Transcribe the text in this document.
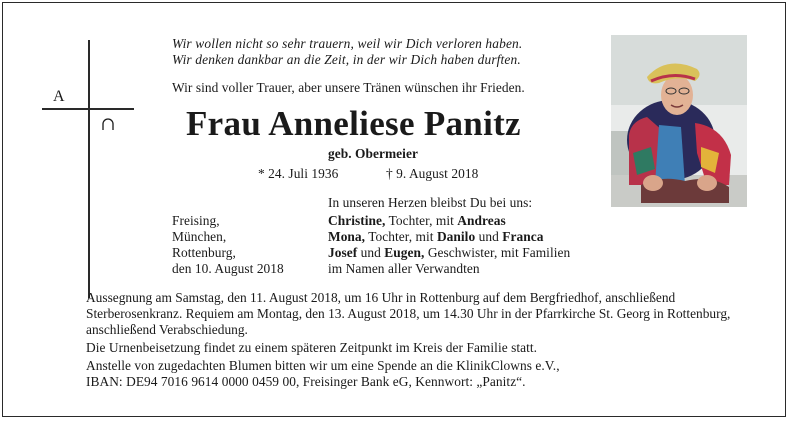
A
Wir wollen nicht so sehr trauern, weil wir Dich verloren haben.
Wir denken dankbar an die Zeit, in der wir Dich haben durften.
Wir sind voller Trauer, aber unsere Tränen wünschen ihr Frieden.
Frau Anneliese Panitz
geb. Obermeier
* 24. Juli 1936	† 9. August 2018
In unseren Herzen bleibst Du bei uns:
Freising,
München,
Rottenburg,
den 10. August 2018
Christine, Tochter, mit Andreas
Mona, Tochter, mit Danilo und Franca
Josef und Eugen, Geschwister, mit Familien
im Namen aller Verwandten
Aussegnung am Samstag, den 11. August 2018, um 16 Uhr in Rottenburg auf dem Bergfriedhof, anschließend Sterberosenkranz. Requiem am Montag, den 13. August 2018, um 14.30 Uhr in der Pfarrkirche St. Georg in Rottenburg, anschließend Verabschiedung.
Die Urnenbeisetzung findet zu einem späteren Zeitpunkt im Kreis der Familie statt.
Anstelle von zugedachten Blumen bitten wir um eine Spende an die KlinikClowns e.V.,
IBAN: DE94 7016 9614 0000 0459 00, Freisinger Bank eG, Kennwort: „Panitz“.
